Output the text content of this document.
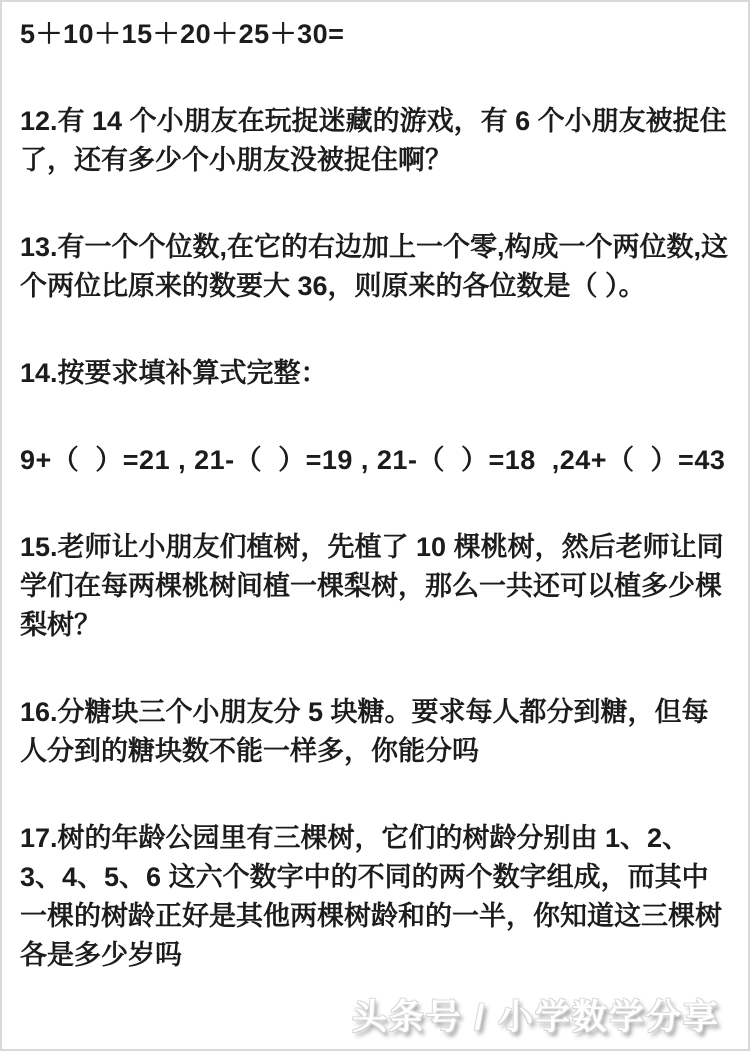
5＋10＋15＋20＋25＋30=

12.有 14 个小朋友在玩捉迷藏的游戏，有 6 个小朋友被捉住了，还有多少个小朋友没被捉住啊？

13.有一个个位数,在它的右边加上一个零,构成一个两位数,这个两位比原来的数要大 36，则原来的各位数是（ ）。

14.按要求填补算式完整：

9+（  ）=21 , 21-（  ）=19 , 21-（  ）=18  ,24+（  ）=43

15.老师让小朋友们植树，先植了 10 棵桃树，然后老师让同学们在每两棵桃树间植一棵梨树，那么一共还可以植多少棵梨树？

16.分糖块三个小朋友分 5 块糖。要求每人都分到糖，但每人分到的糖块数不能一样多，你能分吗

17.树的年龄公园里有三棵树，它们的树龄分别由 1、2、3、4、5、6 这六个数字中的不同的两个数字组成，而其中一棵的树龄正好是其他两棵树龄和的一半，你知道这三棵树各是多少岁吗

头条号 / 小学数学分享
